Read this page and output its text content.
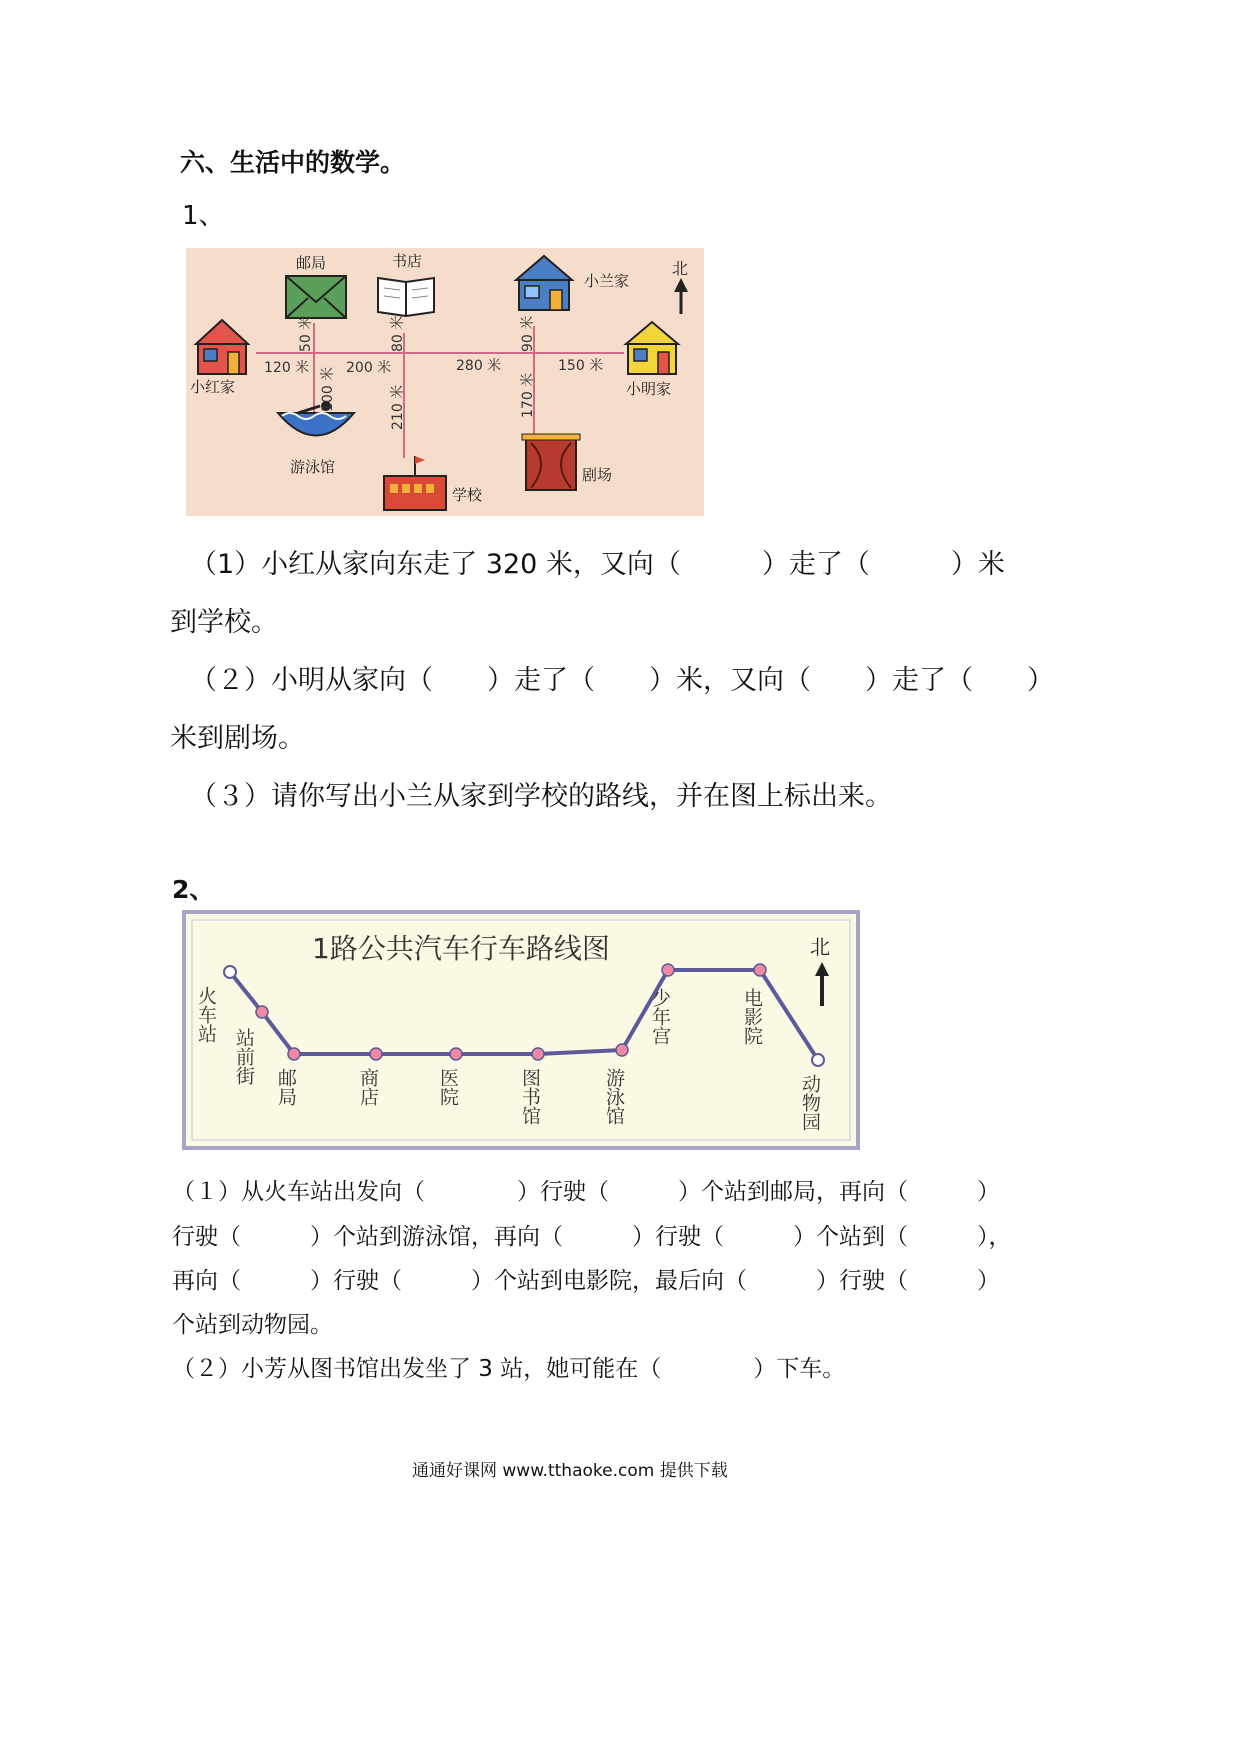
六、生活中的数学。
1、
邮局	书店
小兰家
小红家	小明家
游泳馆
学校
剧场
北
120 米	200 米	280 米	150 米
50 米
100 米
80 米
210 米
90 米
170 米
（1）小红从家向东走了 320 米，又向（　　　）走了（　　　）米
到学校。
（２）小明从家向（　　）走了（　　）米，又向（　　）走了（　　）
米到剧场。
（３）请你写出小兰从家到学校的路线，并在图上标出来。
2、
1路公共汽车行车路线图	北
火车站
站前街
邮局	商店	医院	图书馆	游泳馆
少年宫	电影院
动物园
（１）从火车站出发向（　　　　）行驶（　　　）个站到邮局，再向（　　　）
行驶（　　　）个站到游泳馆，再向（　　　）行驶（　　　）个站到（　　　），
再向（　　　）行驶（　　　）个站到电影院，最后向（　　　）行驶（　　　）
个站到动物园。
（２）小芳从图书馆出发坐了 3 站，她可能在（　　　　）下车。
通通好课网 www.tthaoke.com 提供下载
